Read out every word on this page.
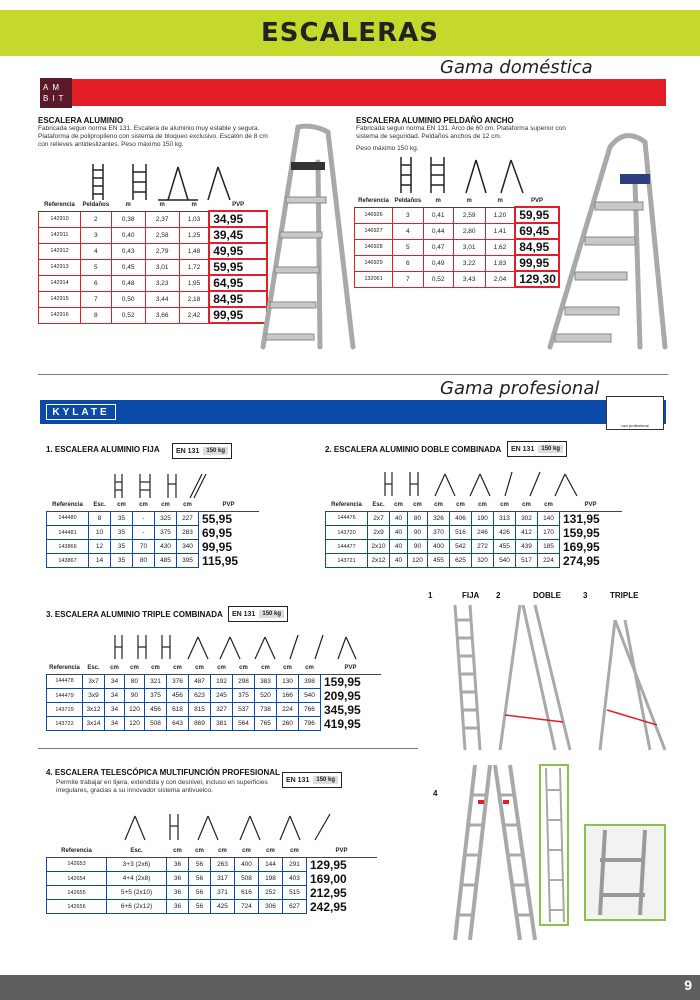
ESCALERAS
Gama doméstica
AM BIT
ESCALERA ALUMINIO
Fabricada segun norma EN 131. Escalera de aluminio muy estable y segura. Plataforma de polipropileno con sistema de bloqueo exclusivo. Escalón de 8 cm con relieves antideslizantes. Peso máximo 150 kg.
Referencia	Peldaños	m	m	m	PVP
142910	2	0,38	2,37	1,03	34,95
142911	3	0,40	2,58	1,25	39,45
142912	4	0,43	2,79	1,48	49,95
142913	5	0,45	3,01	1,72	59,95
142914	6	0,48	3,23	1,95	64,95
142915	7	0,50	3,44	2,18	84,95
142916	8	0,52	3,66	2,42	99,95
ESCALERA ALUMINIO PELDAÑO ANCHO
Fabricada segun norma EN 131. Arco de 60 cm. Plataforma superior con sistema de seguridad. Peldaños anchos de 12 cm.
Peso máximo 150 kg.
Referencia	Peldaños	m	m	m	PVP
146926	3	0,41	2,59	1,20	59,95
146927	4	0,44	2,80	1,41	69,45
146928	5	0,47	3,01	1,62	84,95
146929	6	0,49	3,22	1,83	99,95
132061	7	0,52	3,43	2,04	129,30
Gama profesional
KYLATE
uso profesional
1. ESCALERA ALUMINIO FIJA EN 131	150 kg
Referencia	Esc.	cm	cm	cm	cm	PVP
144480	8	35	-	325	227	55,95
144481	10	35	-	375	283	69,95
143866	12	35	70	430	340	99,95
143867	14	35	80	485	395	115,95
2. ESCALERA ALUMINIO DOBLE COMBINADA EN 131	150 kg
Referencia	Esc.	cm	cm	cm	cm	cm	cm	cm	cm	PVP
144476	2x7	40	80	326	406	190	313	302	140	131,95
143720	2x9	40	90	370	516	246	426	412	170	159,95
144477	2x10	40	90	400	542	272	455	439	185	169,95
143721	2x12	40	120	455	625	320	540	517	224	274,95
3. ESCALERA ALUMINIO TRIPLE COMBINADA EN 131	150 kg
Referencia	Esc.	cm	cm	cm	cm	cm	cm	cm	cm	cm	cm	PVP
144478	3x7	34	80	321	376	487	192	298	383	130	398	159,95
144479	3x9	34	90	375	456	623	245	375	520	166	540	209,95
143719	3x12	34	120	456	618	815	327	537	738	224	766	345,95
143722	3x14	34	120	508	643	869	381	564	765	260	796	419,95
1	FIJA 2	DOBLE	3	TRIPLE
4. ESCALERA TELESCÓPICA MULTIFUNCIÓN PROFESIONAL
EN 131	150 kg
Permite trabajar en tijera, extendida y con desnivel, incluso en superficies irregulares, gracias a su innovador sistema antivuelco.
Referencia	Esc.	cm	cm	cm	cm	cm	cm	PVP
142653	3+3 (2x6)	36	56	263	400	144	291	129,95
142654	4+4 (2x8)	36	56	317	508	198	403	169,00
142655	5+5 (2x10)	36	56	371	616	252	515	212,95
142656	6+6 (2x12)	36	56	425	724	306	627	242,95
4
9
